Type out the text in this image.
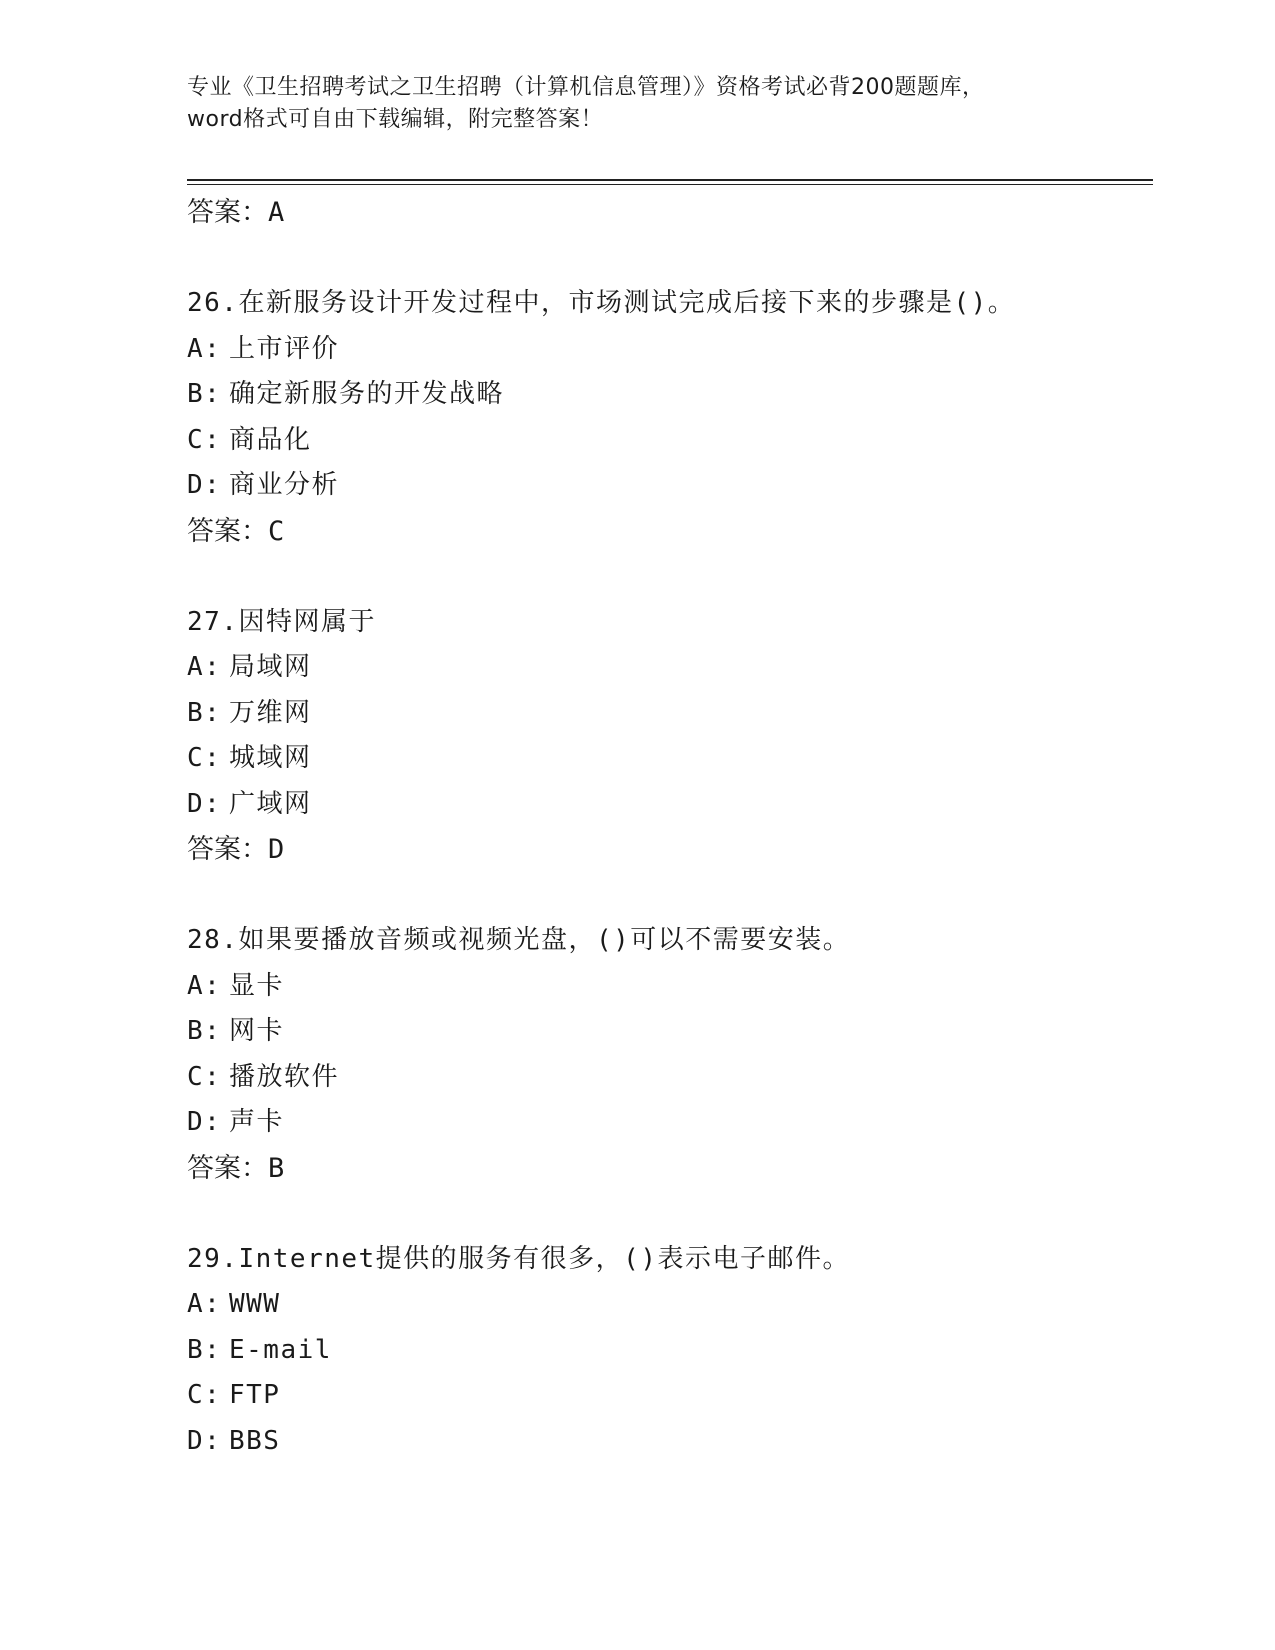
专业《卫生招聘考试之卫生招聘（计算机信息管理）》资格考试必背200题题库，
word格式可自由下载编辑，附完整答案！
答案：A
26.在新服务设计开发过程中，市场测试完成后接下来的步骤是()。
A: 上市评价
B: 确定新服务的开发战略
C: 商品化
D: 商业分析
答案：C
27.因特网属于
A: 局域网
B: 万维网
C: 城域网
D: 广域网
答案：D
28.如果要播放音频或视频光盘，()可以不需要安装。
A: 显卡
B: 网卡
C: 播放软件
D: 声卡
答案：B
29.Internet提供的服务有很多，()表示电子邮件。
A: WWW
B: E-mail
C: FTP
D: BBS
